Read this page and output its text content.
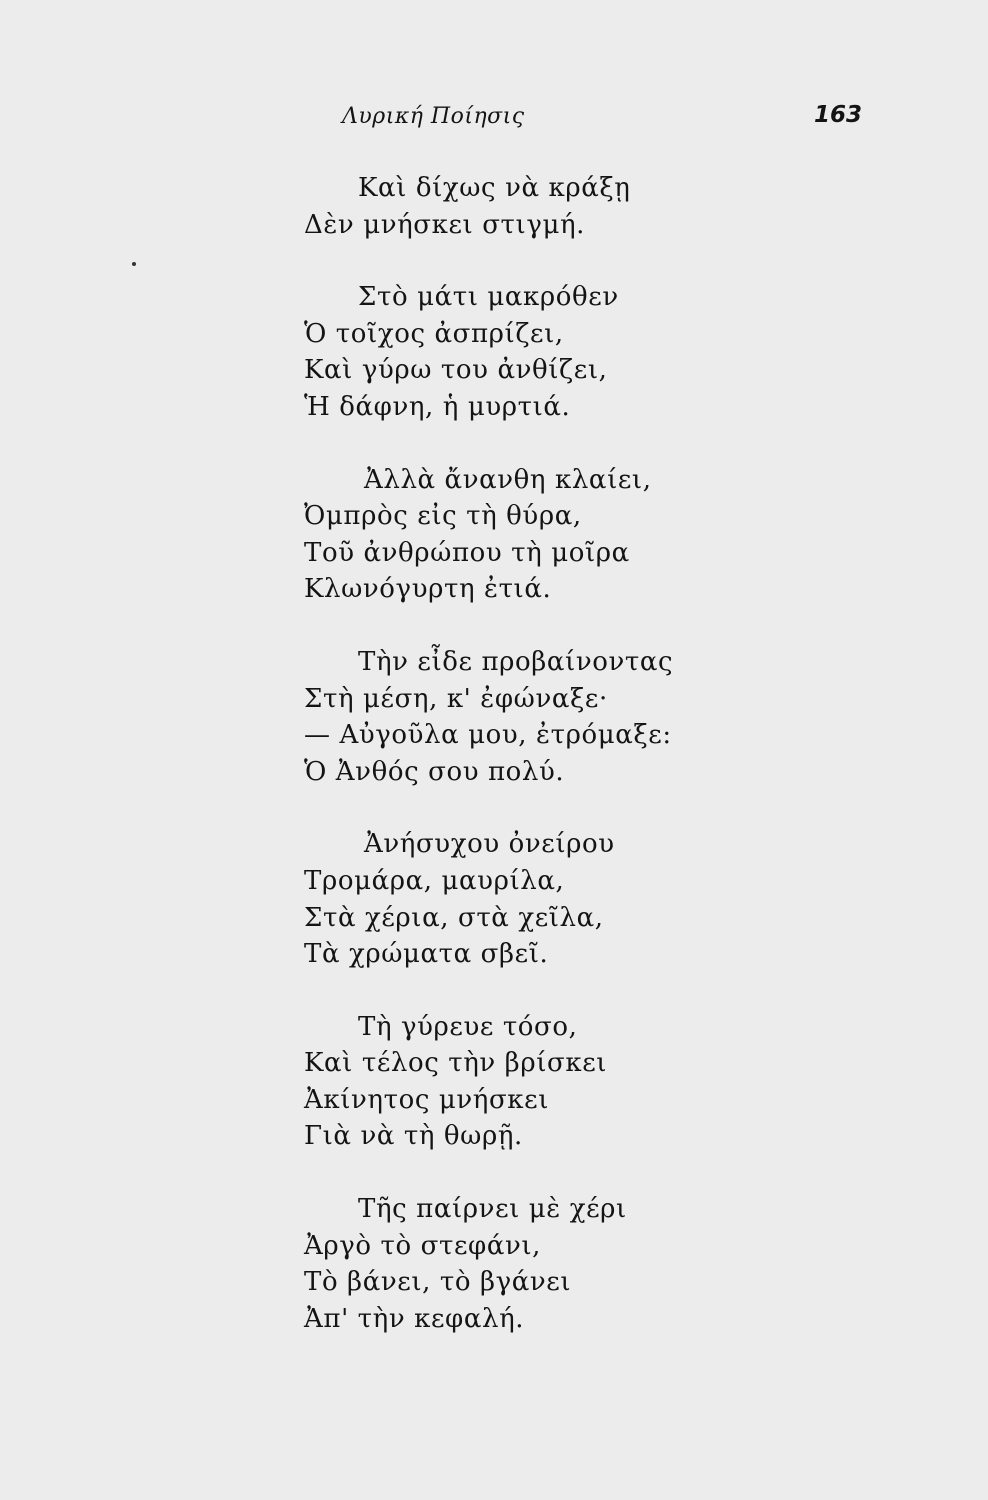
Λυρική Ποίησις	163
Καὶ δίχως νὰ κράξῃ
Δὲν μνήσκει στιγμή.
Στὸ μάτι μακρόθεν
Ὁ τοῖχος ἀσπρίζει,
Καὶ γύρω του ἀνθίζει,
Ἡ δάφνη, ἡ μυρτιά.
Ἀλλὰ ἄνανθη κλαίει,
Ὀμπρὸς εἰς τὴ θύρα,
Τοῦ ἀνθρώπου τὴ μοῖρα
Κλωνόγυρτη ἐτιά.
Τὴν εἶδε προβαίνοντας
Στὴ μέση, κ' ἐφώναξε·
— Αὐγοῦλα μου, ἐτρόμαξε:
Ὁ Ἀνθός σου πολύ.
Ἀνήσυχου ὀνείρου
Τρομάρα, μαυρίλα,
Στὰ χέρια, στὰ χεῖλα,
Τὰ χρώματα σβεῖ.
Τὴ γύρευε τόσο,
Καὶ τέλος τὴν βρίσκει
Ἀκίνητος μνήσκει
Γιὰ νὰ τὴ θωρῇ.
Τῆς παίρνει μὲ χέρι
Ἀργὸ τὸ στεφάνι,
Τὸ βάνει, τὸ βγάνει
Ἀπ' τὴν κεφαλή.
